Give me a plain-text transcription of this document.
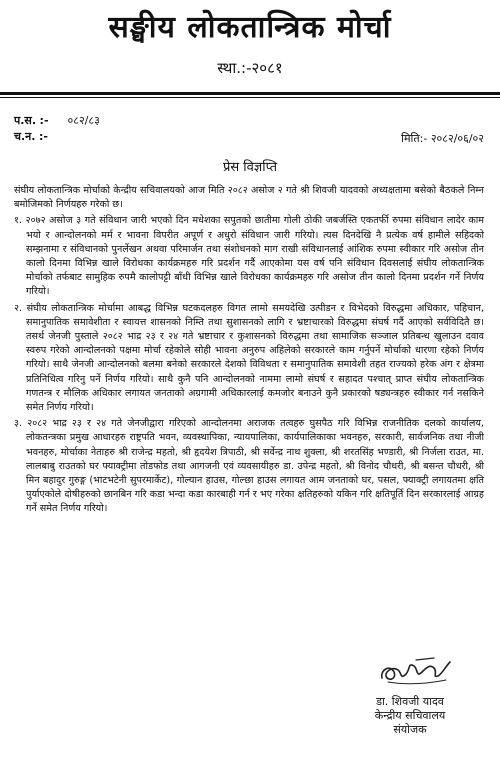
सङ्घीय लोकतान्त्रिक मोर्चा
स्था.:-२०८१
प.स. :- ०८२/८३
च.न. :-	मिति:- २०८२/०६/०२
प्रेस विज्ञप्ति

संघीय लोकतान्त्रिक मोर्चाको केन्द्रीय सचिवालयको आज मिति २०८२ असोज २ गते श्री शिवजी यादवको अध्यक्षतामा बसेको बैठकले निम्न बमोजिमको निर्णयहरु गरेको छ।

१. २०७२ असोज ३ गते संविधान जारी भएको दिन मधेशका सपुतको छातीमा गोली ठोकी जबर्जस्ति एकतर्फी रुपमा संविधान लादेर काम भयो र आन्दोलनको मर्म र भावना विपरीत अपूर्ण र अधुरो संविधान जारी गरियो। त्यस दिनदेखि नै प्रत्येक वर्ष हामीले सहिदको सम्झनामा र संविधानको पुनर्लेखन अथवा परिमार्जन तथा संशोधनको माग राखी संविधानलाई आंशिक रुपमा स्वीकार गरि असोज तीन कालो दिनमा विभिन्न खाले विरोधका कार्यक्रमहरु गरि प्रदर्शन गर्दै आएकोमा यस वर्ष पनि संविधान दिवसलाई संघीय लोकतान्त्रिक मोर्चाको तर्फबाट सामुहिक रुपमै कालोपट्टी बाँधी विभिन्न खाले विरोधका कार्यक्रमहरु गरि असोज तीन कालो दिनमा प्रदर्शन गर्ने निर्णय गरियो।

२. संघीय लोकतान्त्रिक मोर्चामा आबद्ध विभिन्न घटकदलहरु विगत लामो समयदेखि उत्पीडन र विभेदको विरुद्धमा अधिकार, पहिचान, समानुपातिक समावेशीता र स्वायत्त शासनको निम्ति तथा सुशासनको लागि र भ्रष्टाचारको विरुद्धमा संघर्ष गर्दै आएको सर्वविदितै छ। तसर्थ जेनजी पुस्ताले २०८२ भाद्र २३ र २४ गते भ्रष्टाचार र कुशासनको विरुद्धमा तथा सामाजिक सञ्जाल प्रतिबन्ध खुलाउन दवाव स्वरुप गरेको आन्दोलनको पक्षमा मोर्चा रहेकोले सोही भावना अनुरुप अहिलेको सरकारले काम गर्नुपर्ने मोर्चाको धारणा रहेको निर्णय गरियो। साथै जेनजी आन्दोलनको बलमा बनेको सरकारले देशको विविधता र समानुपातिक समावेशी तहत राज्यको हरेक अंग र क्षेत्रमा प्रतिनिधित्व गरिनु पर्ने निर्णय गरियो। साथै कुनै पनि आन्दोलनको नाममा लामो संघर्ष र सहादत पश्चात् प्राप्त संघीय लोकतान्त्रिक गणतन्त्र र मौलिक अधिकार लगायत जनताको अग्रगामी अधिकारलाई कमजोर बनाउने कुनै प्रकारको षड्यन्त्रहरु स्वीकार गर्न नसकिने समेत निर्णय गरियो।

३. २०८२ भाद्र २३ र २४ गते जेनजीद्वारा गरिएको आन्दोलनमा अराजक तत्वहरु घुसपैठ गरि विभिन्न राजनीतिक दलको कार्यालय, लोकतन्त्रका प्रमुख आधारहरु राष्ट्रपति भवन, व्यवस्थापिका, न्यायपालिका, कार्यपालिकाका भवनहरु, सरकारी, सार्वजनिक तथा नीजी भवनहरु, मोर्चाका नेताहरु श्री राजेन्द्र महतो, श्री हृदयेश त्रिपाठी, श्री सर्वेन्द्र नाथ शुक्ला, श्री शरतसिंह भण्डारी, श्री निर्जला राउत, मा. लालबाबु राउतको घर फ्याक्ट्रीमा तोडफोड तथा आगजनी एवं व्यवसायीहरु डा. उपेन्द्र महतो, श्री विनोद चौधरी, श्री बसन्त चौधरी, श्री मिन बहादुर गुरुङ्ग (भाटभटेनी सुपरमार्केट), गोल्यान हाउस, गोल्छा हाउस लगायत आम जनताको घर, पसल, फ्याक्ट्री लगायतमा क्षति पुर्याएकोले दोषीहरुको छानबिन गरि कडा भन्दा कडा कारबाही गर्न र भए गरेका क्षतिहरुको यकिन गरि क्षतिपूर्ति दिन सरकारलाई आग्रह गर्ने समेत निर्णय गरियो।

डा. शिवजी यादव
केन्द्रीय सचिवालय
संयोजक
